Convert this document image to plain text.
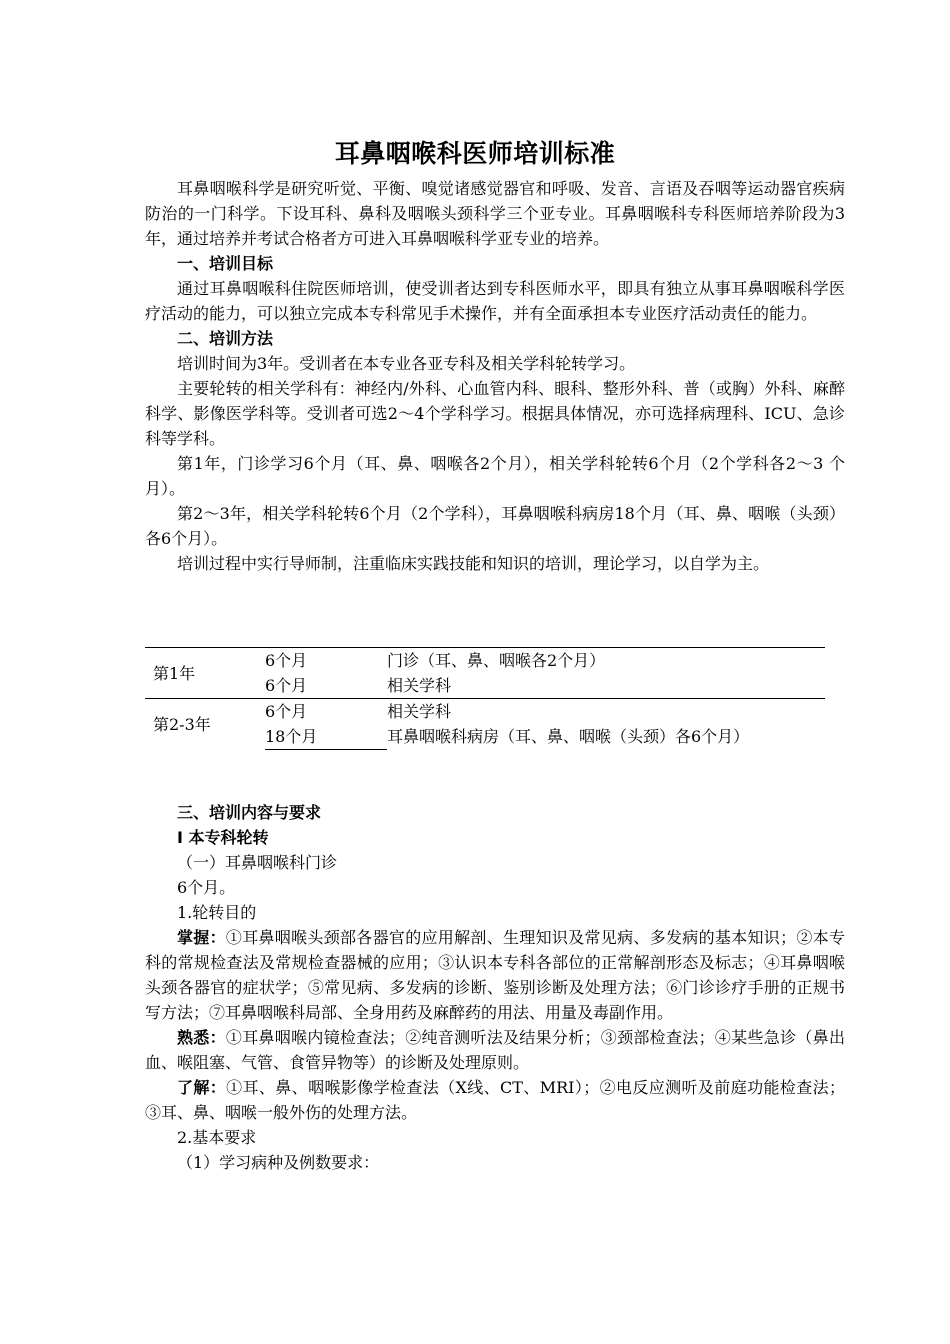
耳鼻咽喉科医师培训标准

耳鼻咽喉科学是研究听觉、平衡、嗅觉诸感觉器官和呼吸、发音、言语及吞咽等运动器官疾病防治的一门科学。下设耳科、鼻科及咽喉头颈科学三个亚专业。耳鼻咽喉科专科医师培养阶段为3年，通过培养并考试合格者方可进入耳鼻咽喉科学亚专业的培养。

一、培训目标

通过耳鼻咽喉科住院医师培训，使受训者达到专科医师水平，即具有独立从事耳鼻咽喉科学医疗活动的能力，可以独立完成本专科常见手术操作，并有全面承担本专业医疗活动责任的能力。

二、培训方法

培训时间为3年。受训者在本专业各亚专科及相关学科轮转学习。

主要轮转的相关学科有：神经内/外科、心血管内科、眼科、整形外科、普（或胸）外科、麻醉科学、影像医学科等。受训者可选2～4个学科学习。根据具体情况，亦可选择病理科、ICU、急诊科等学科。

第1年，门诊学习6个月（耳、鼻、咽喉各2个月），相关学科轮转6个月（2个学科各2～3 个月）。

第2～3年，相关学科轮转6个月（2个学科），耳鼻咽喉科病房18个月（耳、鼻、咽喉（头颈）各6个月）。

培训过程中实行导师制，注重临床实践技能和知识的培训，理论学习，以自学为主。

第1年	6个月	门诊（耳、鼻、咽喉各2个月）
	6个月	相关学科
第2-3年	6个月	相关学科
	18个月	耳鼻咽喉科病房（耳、鼻、咽喉（头颈）各6个月）

三、培训内容与要求

Ⅰ 本专科轮转

（一）耳鼻咽喉科门诊

6个月。

1.轮转目的

掌握：①耳鼻咽喉头颈部各器官的应用解剖、生理知识及常见病、多发病的基本知识；②本专科的常规检查法及常规检查器械的应用；③认识本专科各部位的正常解剖形态及标志；④耳鼻咽喉头颈各器官的症状学；⑤常见病、多发病的诊断、鉴别诊断及处理方法；⑥门诊诊疗手册的正规书写方法；⑦耳鼻咽喉科局部、全身用药及麻醉药的用法、用量及毒副作用。

熟悉：①耳鼻咽喉内镜检查法；②纯音测听法及结果分析；③颈部检查法；④某些急诊（鼻出血、喉阻塞、气管、食管异物等）的诊断及处理原则。

了解：①耳、鼻、咽喉影像学检查法（X线、CT、MRI）；②电反应测听及前庭功能检查法；③耳、鼻、咽喉一般外伤的处理方法。

2.基本要求

（1）学习病种及例数要求：
